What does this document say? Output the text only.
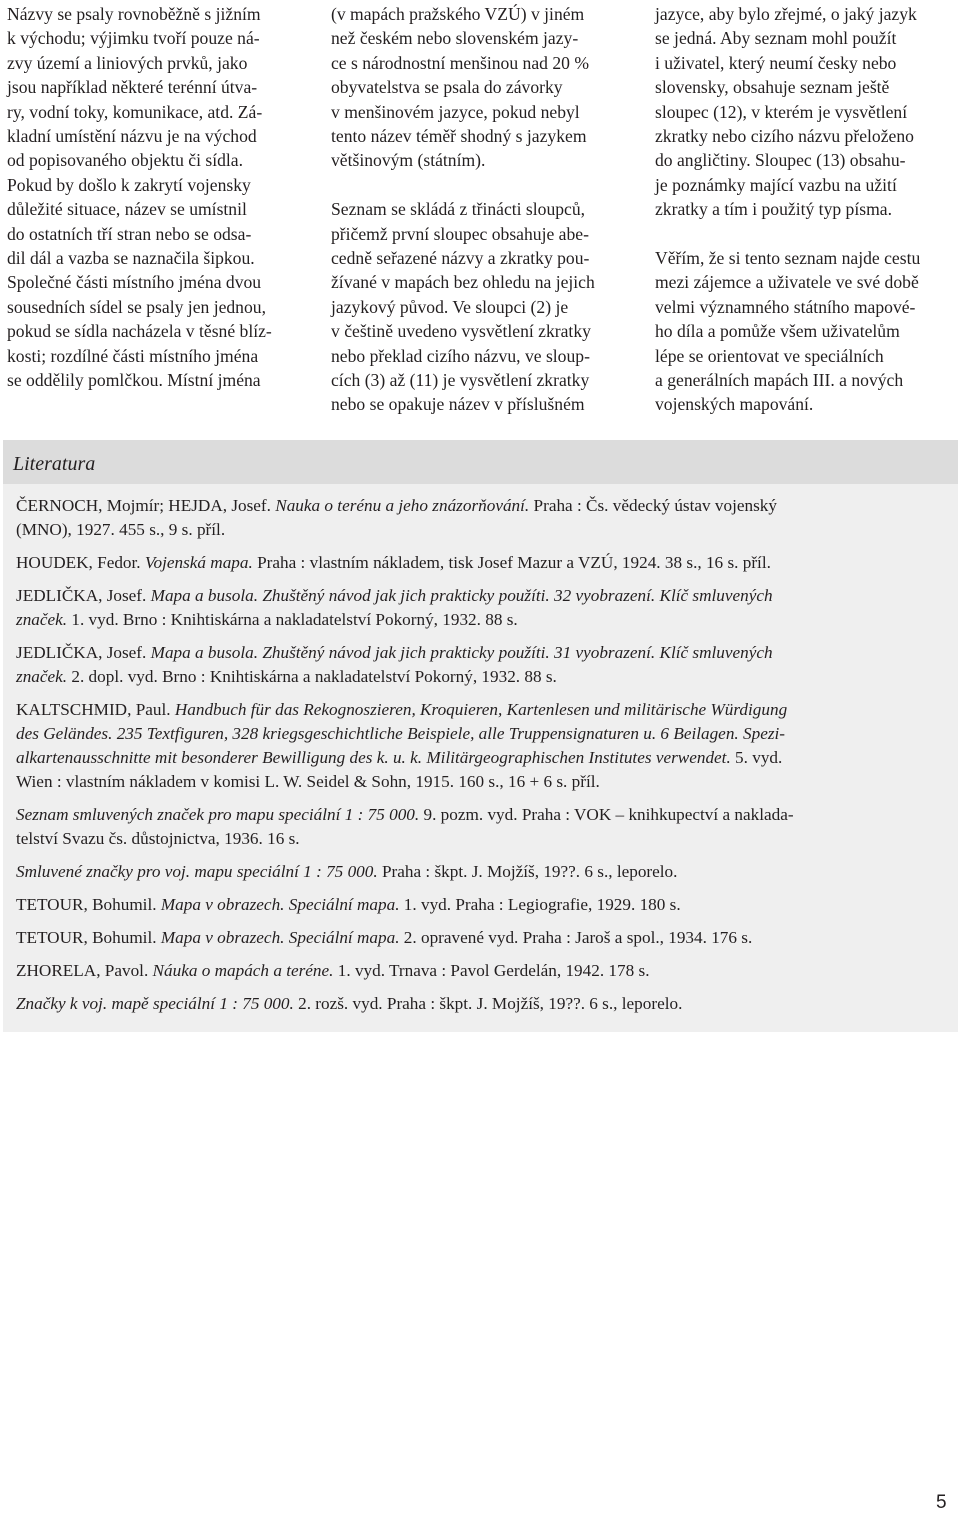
Názvy se psaly rovnoběžně s jižním

k východu; výjimku tvoří pouze ná-

zvy území a liniových prvků, jako

jsou například některé terénní útva-

ry, vodní toky, komunikace, atd. Zá-

kladní umístění názvu je na východ

od popisovaného objektu či sídla.

Pokud by došlo k zakrytí vojensky

důležité situace, název se umístnil

do ostatních tří stran nebo se odsa-

dil dál a vazba se naznačila šipkou.

Společné části místního jména dvou

sousedních sídel se psaly jen jednou,

pokud se sídla nacházela v těsné blíz-

kosti; rozdílné části místního jména

se oddělily pomlčkou. Místní jména

(v mapách pražského VZÚ) v jiném

než českém nebo slovenském jazy-

ce s národnostní menšinou nad 20 %

obyvatelstva se psala do závorky

v menšinovém jazyce, pokud nebyl

tento název téměř shodný s jazykem

většinovým (státním).

Seznam se skládá z třinácti sloupců,

přičemž první sloupec obsahuje abe-

cedně seřazené názvy a zkratky pou-

žívané v mapách bez ohledu na jejich

jazykový původ. Ve sloupci (2) je

v češtině uvedeno vysvětlení zkratky

nebo překlad cizího názvu, ve sloup-

cích (3) až (11) je vysvětlení zkratky

nebo se opakuje název v příslušném

jazyce, aby bylo zřejmé, o jaký jazyk

se jedná. Aby seznam mohl použít

i uživatel, který neumí česky nebo

slovensky, obsahuje seznam ještě

sloupec (12), v kterém je vysvětlení

zkratky nebo cizího názvu přeloženo

do angličtiny. Sloupec (13) obsahu-

je poznámky mající vazbu na užití

zkratky a tím i použitý typ písma.

Věřím, že si tento seznam najde cestu

mezi zájemce a uživatele ve své době

velmi významného státního mapové-

ho díla a pomůže všem uživatelům

lépe se orientovat ve speciálních

a generálních mapách III. a nových

vojenských mapování.

Literatura
ČERNOCH, Mojmír; HEJDA, Josef. Nauka o terénu a jeho znázorňování. Praha : Čs. vědecký ústav vojenský
(MNO), 1927. 455 s., 9 s. příl.
HOUDEK, Fedor. Vojenská mapa. Praha : vlastním nákladem, tisk Josef Mazur a VZÚ, 1924. 38 s., 16 s. příl.
JEDLIČKA, Josef. Mapa a busola. Zhuštěný návod jak jich prakticky použíti. 32 vyobrazení. Klíč smluvených
značek. 1. vyd. Brno : Knihtiskárna a nakladatelství Pokorný, 1932. 88 s.
JEDLIČKA, Josef. Mapa a busola. Zhuštěný návod jak jich prakticky použíti. 31 vyobrazení. Klíč smluvených
značek. 2. dopl. vyd. Brno : Knihtiskárna a nakladatelství Pokorný, 1932. 88 s.
KALTSCHMID, Paul. Handbuch für das Rekognoszieren, Kroquieren, Kartenlesen und militärische Würdigung
des Geländes. 235 Textfiguren, 328 kriegsgeschichtliche Beispiele, alle Truppensignaturen u. 6 Beilagen. Spezi-
alkartenausschnitte mit besonderer Bewilligung des k. u. k. Militärgeographischen Institutes verwendet. 5. vyd.
Wien : vlastním nákladem v komisi L. W. Seidel & Sohn, 1915. 160 s., 16 + 6 s. příl.
Seznam smluvených značek pro mapu speciální 1 : 75 000. 9. pozm. vyd. Praha : VOK – knihkupectví a naklada-
telství Svazu čs. důstojnictva, 1936. 16 s.
Smluvené značky pro voj. mapu speciální 1 : 75 000. Praha : škpt. J. Mojžíš, 19??. 6 s., leporelo.
TETOUR, Bohumil. Mapa v obrazech. Speciální mapa. 1. vyd. Praha : Legiografie, 1929. 180 s.
TETOUR, Bohumil. Mapa v obrazech. Speciální mapa. 2. opravené vyd. Praha : Jaroš a spol., 1934. 176 s.
ZHORELA, Pavol. Náuka o mapách a teréne. 1. vyd. Trnava : Pavol Gerdelán, 1942. 178 s.
Značky k voj. mapě speciální 1 : 75 000. 2. rozš. vyd. Praha : škpt. J. Mojžíš, 19??. 6 s., leporelo.
5
